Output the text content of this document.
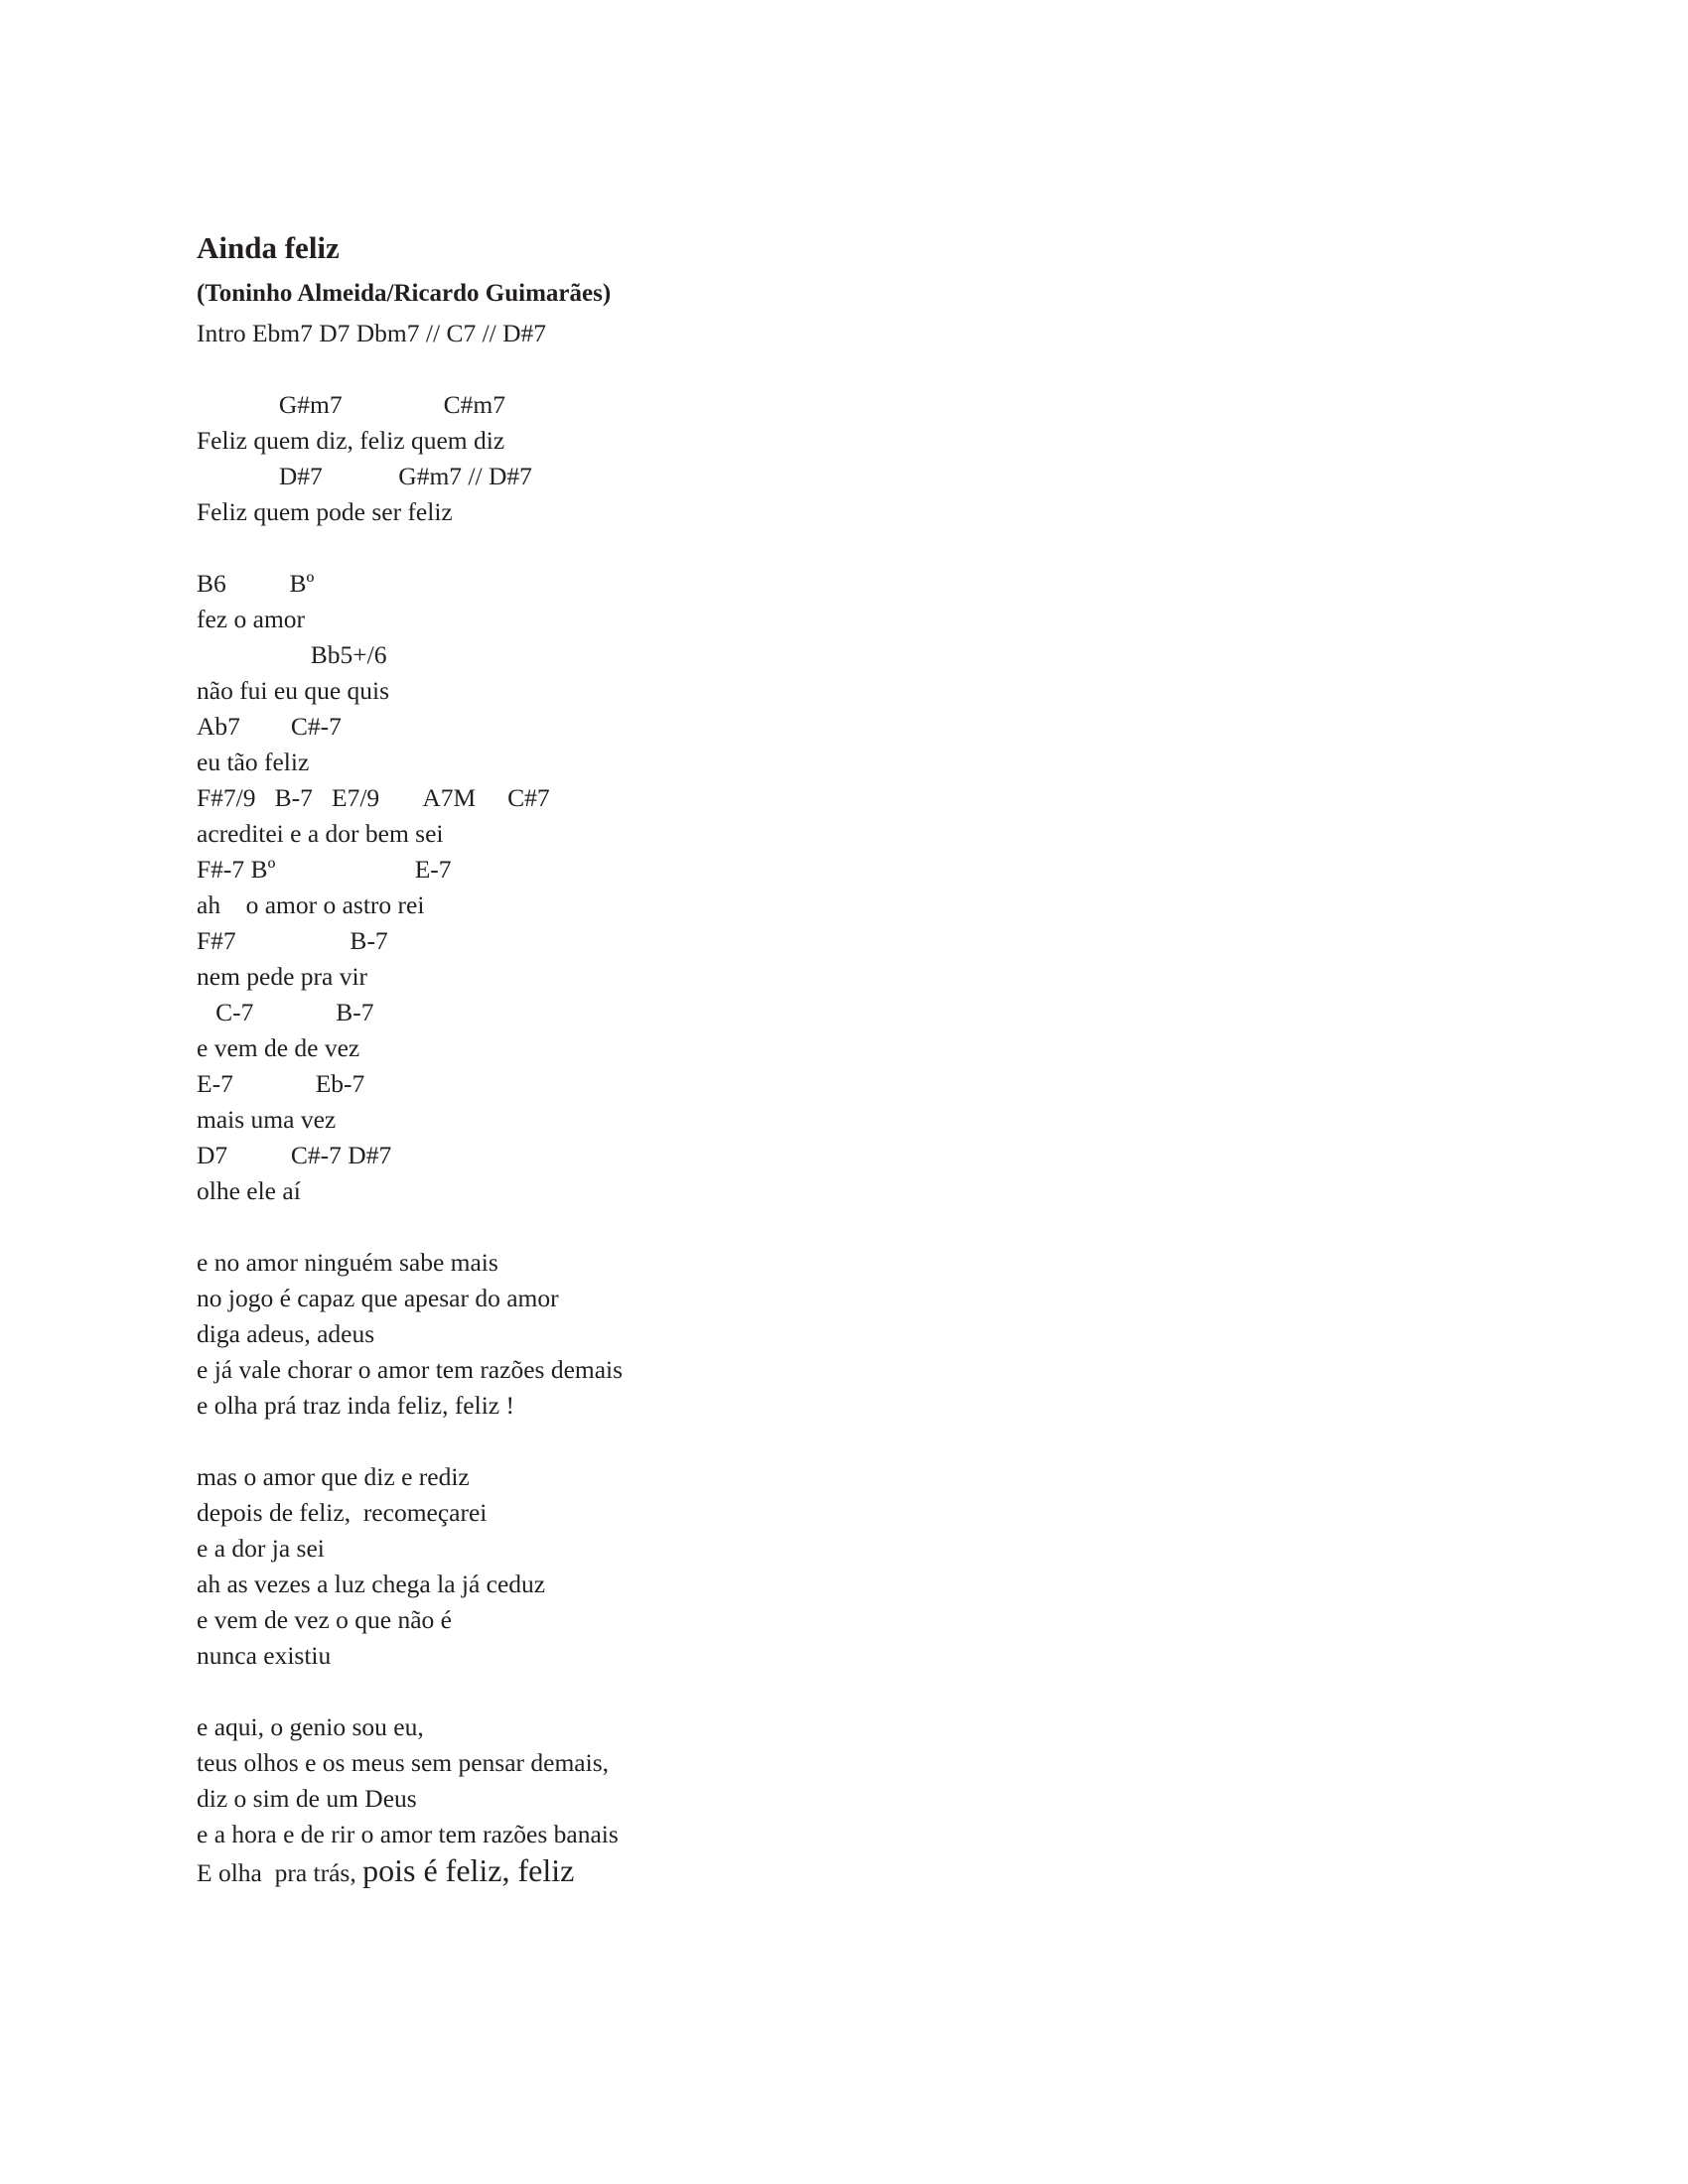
Ainda feliz
(Toninho Almeida/Ricardo Guimarães)
Intro Ebm7 D7 Dbm7 // C7 // D#7
G#m7                C#m7
Feliz quem diz, feliz quem diz
D#7            G#m7 // D#7
Feliz quem pode ser feliz
B6          Bº
fez o amor
Bb5+/6
não fui eu que quis
Ab7        C#-7
eu tão feliz
F#7/9   B-7   E7/9       A7M     C#7
acreditei e a dor bem sei
F#-7 Bº                      E-7
ah    o amor o astro rei
F#7                  B-7
nem pede pra vir
C-7             B-7
e vem de de vez
E-7             Eb-7
mais uma vez
D7          C#-7 D#7
olhe ele aí
e no amor ninguém sabe mais
no jogo é capaz que apesar do amor
diga adeus, adeus
e já vale chorar o amor tem razões demais
e olha prá traz inda feliz, feliz !
mas o amor que diz e rediz
depois de feliz,  recomeçarei
e a dor ja sei
ah as vezes a luz chega la já ceduz
e vem de vez o que não é
nunca existiu
e aqui, o genio sou eu,
teus olhos e os meus sem pensar demais,
diz o sim de um Deus
e a hora e de rir o amor tem razões banais
E olha  pra trás, pois é feliz, feliz
